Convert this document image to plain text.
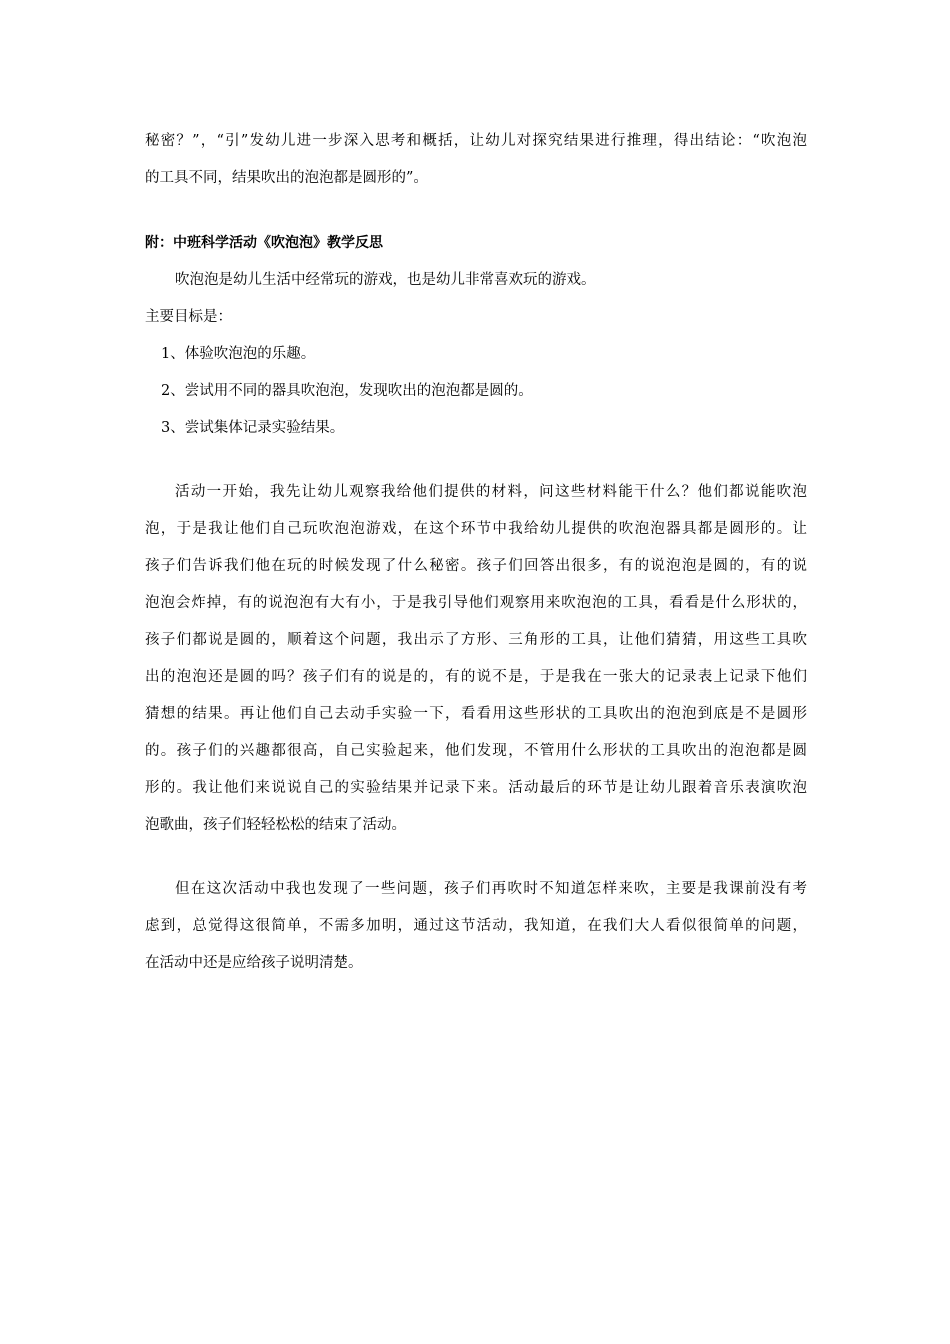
秘密？”，“引”发幼儿进一步深入思考和概括，让幼儿对探究结果进行推理，得出结论：“吹泡泡
的工具不同，结果吹出的泡泡都是圆形的”。
附：中班科学活动《吹泡泡》教学反思
吹泡泡是幼儿生活中经常玩的游戏，也是幼儿非常喜欢玩的游戏。
主要目标是：
1、体验吹泡泡的乐趣。
2、尝试用不同的器具吹泡泡，发现吹出的泡泡都是圆的。
3、尝试集体记录实验结果。
活动一开始，我先让幼儿观察我给他们提供的材料，问这些材料能干什么？他们都说能吹泡
泡，于是我让他们自己玩吹泡泡游戏，在这个环节中我给幼儿提供的吹泡泡器具都是圆形的。让
孩子们告诉我们他在玩的时候发现了什么秘密。孩子们回答出很多，有的说泡泡是圆的，有的说
泡泡会炸掉，有的说泡泡有大有小，于是我引导他们观察用来吹泡泡的工具，看看是什么形状的，
孩子们都说是圆的，顺着这个问题，我出示了方形、三角形的工具，让他们猜猜，用这些工具吹
出的泡泡还是圆的吗？孩子们有的说是的，有的说不是，于是我在一张大的记录表上记录下他们
猜想的结果。再让他们自己去动手实验一下，看看用这些形状的工具吹出的泡泡到底是不是圆形
的。孩子们的兴趣都很高，自己实验起来，他们发现，不管用什么形状的工具吹出的泡泡都是圆
形的。我让他们来说说自己的实验结果并记录下来。活动最后的环节是让幼儿跟着音乐表演吹泡
泡歌曲，孩子们轻轻松松的结束了活动。
但在这次活动中我也发现了一些问题，孩子们再吹时不知道怎样来吹，主要是我课前没有考
虑到，总觉得这很简单，不需多加明，通过这节活动，我知道，在我们大人看似很简单的问题，
在活动中还是应给孩子说明清楚。
